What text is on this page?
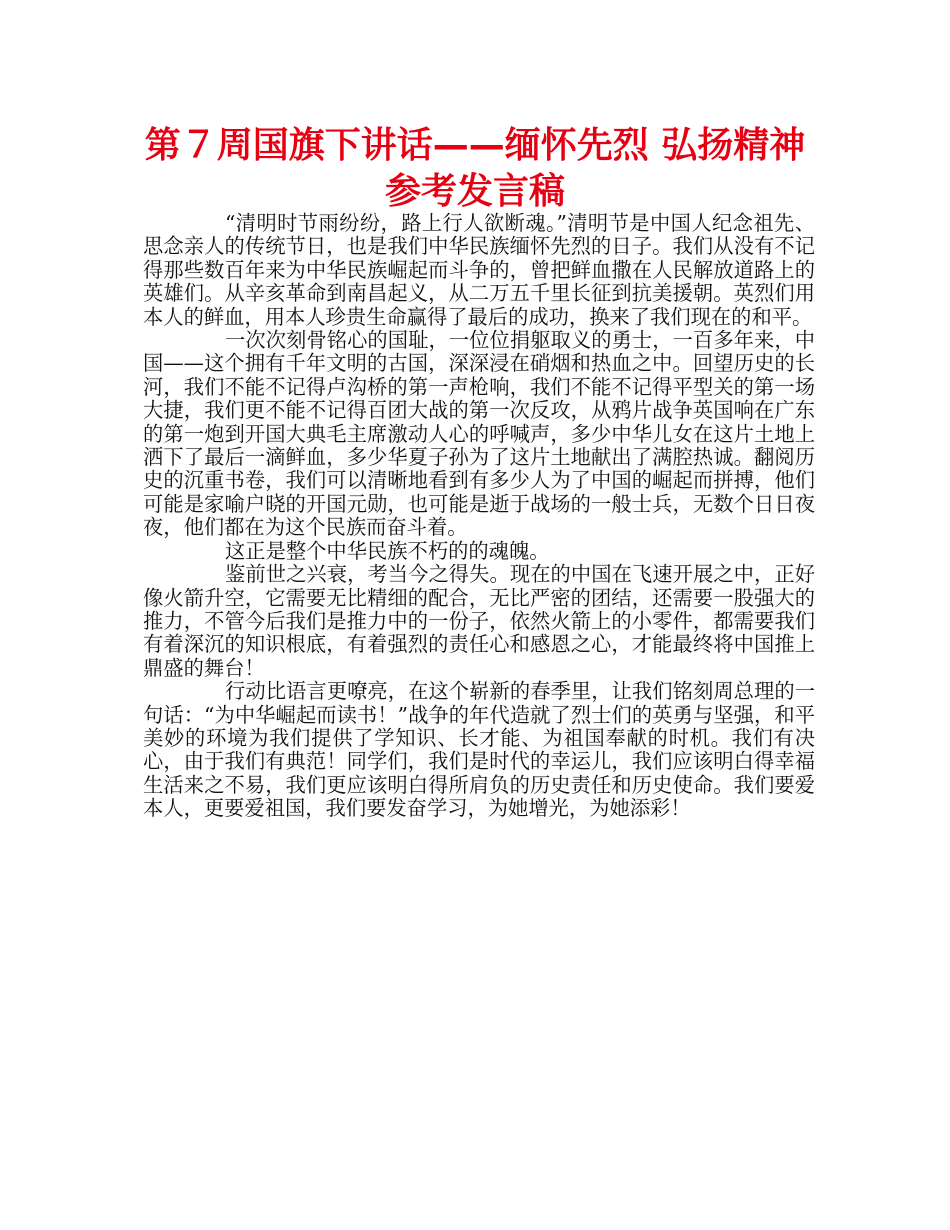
第７周国旗下讲话——缅怀先烈 弘扬精神
参考发言稿

“清明时节雨纷纷，路上行人欲断魂。”清明节是中国人纪念祖先、思念亲人的传统节日，也是我们中华民族缅怀先烈的日子。我们从没有不记得那些数百年来为中华民族崛起而斗争的，曾把鲜血撒在人民解放道路上的英雄们。从辛亥革命到南昌起义，从二万五千里长征到抗美援朝。英烈们用本人的鲜血，用本人珍贵生命赢得了最后的成功，换来了我们现在的和平。

一次次刻骨铭心的国耻，一位位捐躯取义的勇士，一百多年来，中国——这个拥有千年文明的古国，深深浸在硝烟和热血之中。回望历史的长河，我们不能不记得卢沟桥的第一声枪响，我们不能不记得平型关的第一场大捷，我们更不能不记得百团大战的第一次反攻，从鸦片战争英国响在广东的第一炮到开国大典毛主席激动人心的呼喊声，多少中华儿女在这片土地上洒下了最后一滴鲜血，多少华夏子孙为了这片土地献出了满腔热诚。翻阅历史的沉重书卷，我们可以清晰地看到有多少人为了中国的崛起而拼搏，他们可能是家喻户晓的开国元勋，也可能是逝于战场的一般士兵，无数个日日夜夜，他们都在为这个民族而奋斗着。

这正是整个中华民族不朽的的魂魄。

鉴前世之兴衰，考当今之得失。现在的中国在飞速开展之中，正好像火箭升空，它需要无比精细的配合，无比严密的团结，还需要一股强大的推力，不管今后我们是推力中的一份子，依然火箭上的小零件，都需要我们有着深沉的知识根底，有着强烈的责任心和感恩之心，才能最终将中国推上鼎盛的舞台！

行动比语言更嘹亮，在这个崭新的春季里，让我们铭刻周总理的一句话：“为中华崛起而读书！”战争的年代造就了烈士们的英勇与坚强，和平美妙的环境为我们提供了学知识、长才能、为祖国奉献的时机。我们有决心，由于我们有典范！同学们，我们是时代的幸运儿，我们应该明白得幸福生活来之不易，我们更应该明白得所肩负的历史责任和历史使命。我们要爱本人，更要爱祖国，我们要发奋学习，为她增光，为她添彩！
